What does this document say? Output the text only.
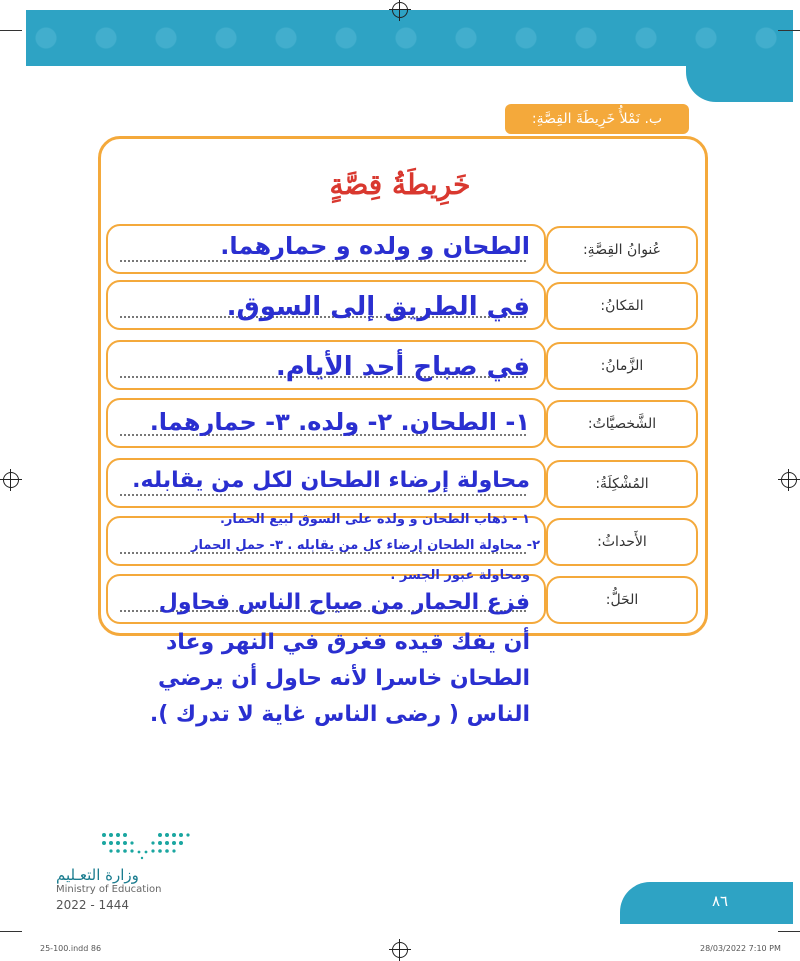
ب. نَمْلأُ خَرِيطَةَ القِصَّةِ:
خَرِيطَةُ قِصَّةٍ
عُنوانُ القِصَّةِ:
المَكانُ:
الزَّمانُ:
الشَّخصيَّاتُ:
المُشْكِلَةُ:
الأَحداثُ:
الحَلُّ:
الطحان و ولده و حمارهما.
في الطريق إلى السوق.
في صباح أحد الأيام.
١- الطحان. ٢- ولده. ٣- حمارهما.
محاولة إرضاء الطحان لكل من يقابله.
١ - ذهاب الطحان و ولده على السوق لبيع الحمار.
٢- محاولة الطحان إرضاء كل من يقابله . ٣- حمل الحمار
ومحاولة عبور الجسر .
فزع الحمار من صياح الناس فحاول
أن يفك قيده فغرق في النهر وعاد
الطحان خاسرا لأنه حاول أن يرضي
الناس ( رضى الناس غاية لا تدرك ).
وزارة التعـليم
Ministry of Education
2022 - 1444	٨٦
25-100.indd 86	28/03/2022 7:10 PM
